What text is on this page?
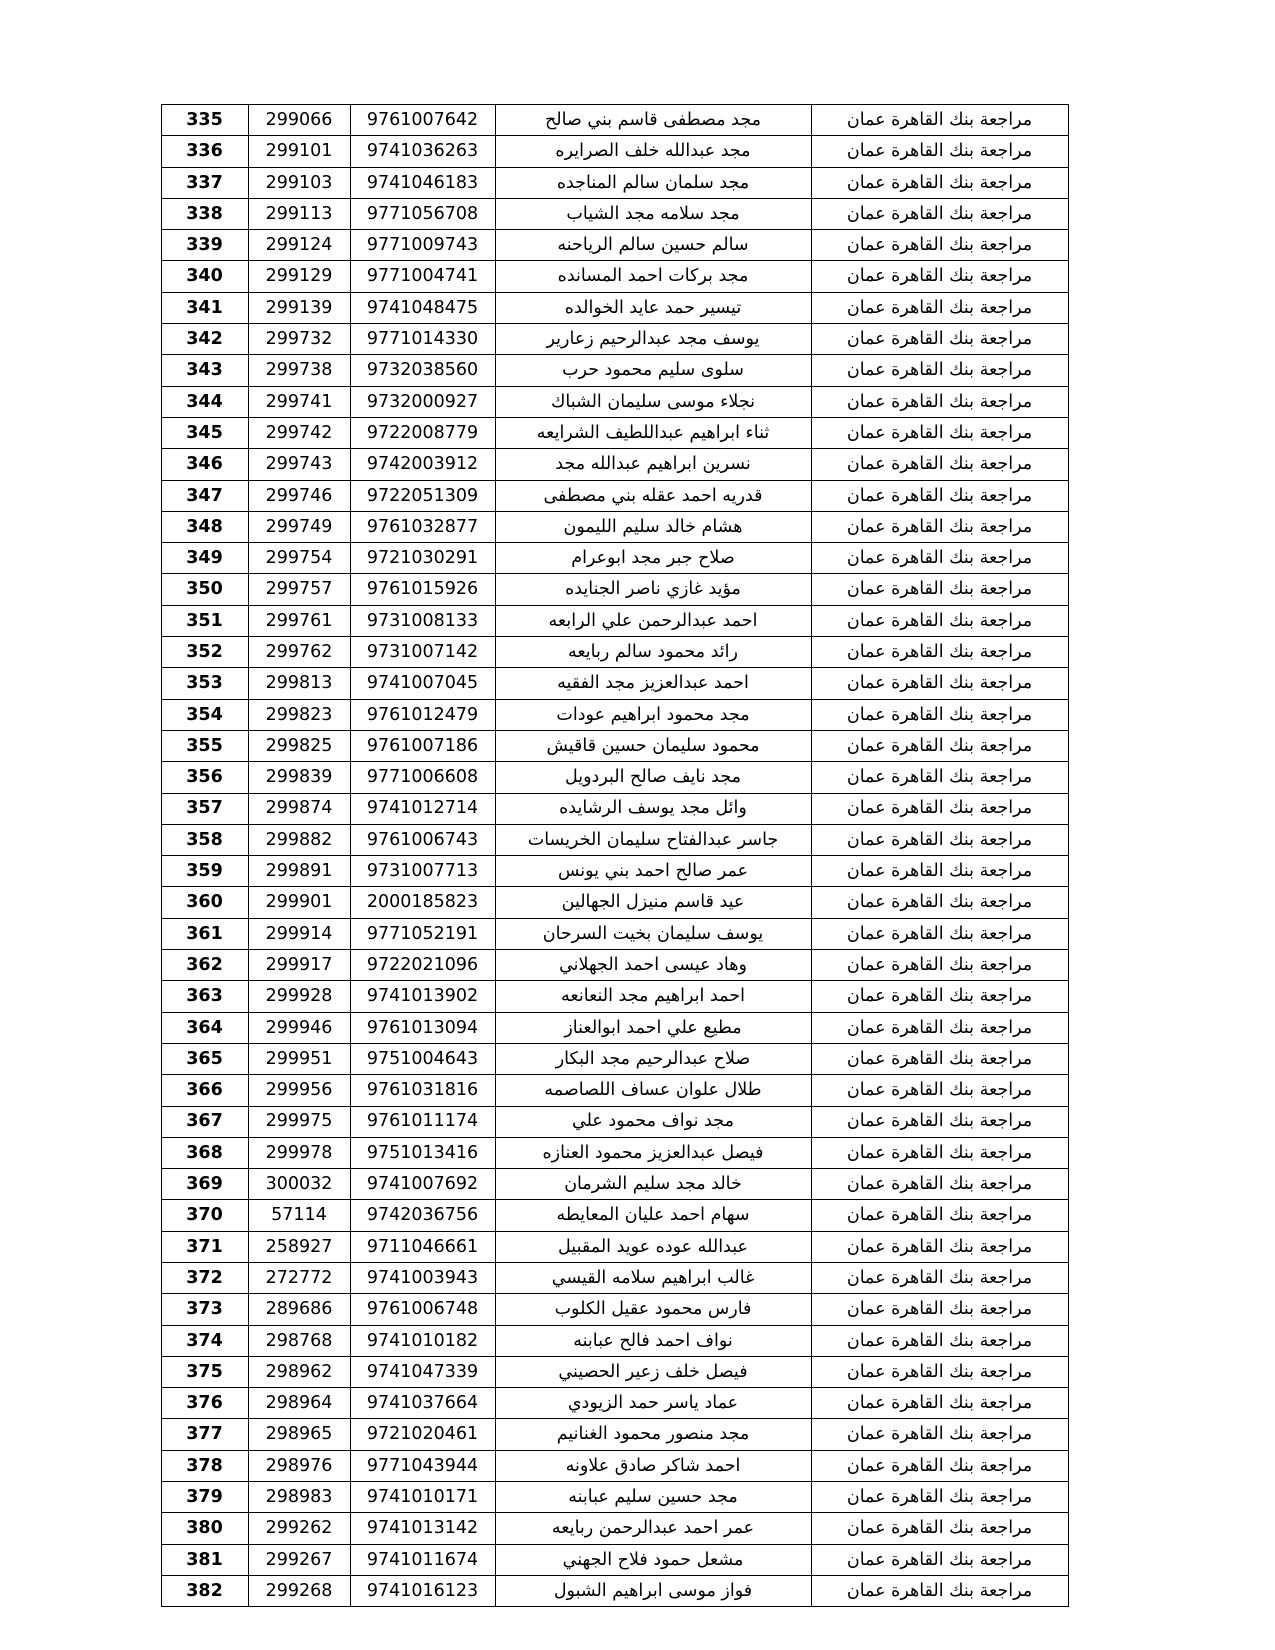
مراجعة بنك القاهرة عمان	مجد مصطفى قاسم بني صالح	9761007642	299066	335
مراجعة بنك القاهرة عمان	مجد عبدالله خلف الصرايره	9741036263	299101	336
مراجعة بنك القاهرة عمان	مجد سلمان سالم المناجده	9741046183	299103	337
مراجعة بنك القاهرة عمان	مجد سلامه مجد الشياب	9771056708	299113	338
مراجعة بنك القاهرة عمان	سالم حسين سالم الرياحنه	9771009743	299124	339
مراجعة بنك القاهرة عمان	مجد بركات احمد المسانده	9771004741	299129	340
مراجعة بنك القاهرة عمان	تيسير حمد عايد الخوالده	9741048475	299139	341
مراجعة بنك القاهرة عمان	يوسف مجد عبدالرحيم زعارير	9771014330	299732	342
مراجعة بنك القاهرة عمان	سلوى سليم محمود حرب	9732038560	299738	343
مراجعة بنك القاهرة عمان	نجلاء موسى سليمان الشباك	9732000927	299741	344
مراجعة بنك القاهرة عمان	ثناء ابراهيم عبداللطيف الشرايعه	9722008779	299742	345
مراجعة بنك القاهرة عمان	نسرين ابراهيم عبدالله مجد	9742003912	299743	346
مراجعة بنك القاهرة عمان	قدريه احمد عقله بني مصطفى	9722051309	299746	347
مراجعة بنك القاهرة عمان	هشام خالد سليم الليمون	9761032877	299749	348
مراجعة بنك القاهرة عمان	صلاح جبر مجد ابوعرام	9721030291	299754	349
مراجعة بنك القاهرة عمان	مؤيد غازي ناصر الجنايده	9761015926	299757	350
مراجعة بنك القاهرة عمان	احمد عبدالرحمن علي الرابعه	9731008133	299761	351
مراجعة بنك القاهرة عمان	رائد محمود سالم ربايعه	9731007142	299762	352
مراجعة بنك القاهرة عمان	احمد عبدالعزيز مجد الفقيه	9741007045	299813	353
مراجعة بنك القاهرة عمان	مجد محمود ابراهيم عودات	9761012479	299823	354
مراجعة بنك القاهرة عمان	محمود سليمان حسين قاقيش	9761007186	299825	355
مراجعة بنك القاهرة عمان	مجد نايف صالح البردويل	9771006608	299839	356
مراجعة بنك القاهرة عمان	وائل مجد يوسف الرشايده	9741012714	299874	357
مراجعة بنك القاهرة عمان	جاسر عبدالفتاح سليمان الخريسات	9761006743	299882	358
مراجعة بنك القاهرة عمان	عمر صالح احمد بني يونس	9731007713	299891	359
مراجعة بنك القاهرة عمان	عيد قاسم منيزل الجهالين	2000185823	299901	360
مراجعة بنك القاهرة عمان	يوسف سليمان بخيت السرحان	9771052191	299914	361
مراجعة بنك القاهرة عمان	وهاد عيسى احمد الجهلاني	9722021096	299917	362
مراجعة بنك القاهرة عمان	احمد ابراهيم مجد النعانعه	9741013902	299928	363
مراجعة بنك القاهرة عمان	مطيع علي احمد ابوالعناز	9761013094	299946	364
مراجعة بنك القاهرة عمان	صلاح عبدالرحيم مجد البكار	9751004643	299951	365
مراجعة بنك القاهرة عمان	طلال علوان عساف اللصاصمه	9761031816	299956	366
مراجعة بنك القاهرة عمان	مجد نواف محمود علي	9761011174	299975	367
مراجعة بنك القاهرة عمان	فيصل عبدالعزيز محمود العنازه	9751013416	299978	368
مراجعة بنك القاهرة عمان	خالد مجد سليم الشرمان	9741007692	300032	369
مراجعة بنك القاهرة عمان	سهام احمد عليان المعايطه	9742036756	57114	370
مراجعة بنك القاهرة عمان	عبدالله عوده عويد المقبيل	9711046661	258927	371
مراجعة بنك القاهرة عمان	غالب ابراهيم سلامه القيسي	9741003943	272772	372
مراجعة بنك القاهرة عمان	فارس محمود عقيل الكلوب	9761006748	289686	373
مراجعة بنك القاهرة عمان	نواف احمد فالح عبابنه	9741010182	298768	374
مراجعة بنك القاهرة عمان	فيصل خلف زعير الحصيني	9741047339	298962	375
مراجعة بنك القاهرة عمان	عماد ياسر حمد الزيودي	9741037664	298964	376
مراجعة بنك القاهرة عمان	مجد منصور محمود الغنانيم	9721020461	298965	377
مراجعة بنك القاهرة عمان	احمد شاكر صادق علاونه	9771043944	298976	378
مراجعة بنك القاهرة عمان	مجد حسين سليم عبابنه	9741010171	298983	379
مراجعة بنك القاهرة عمان	عمر احمد عبدالرحمن ربايعه	9741013142	299262	380
مراجعة بنك القاهرة عمان	مشعل حمود فلاح الجهني	9741011674	299267	381
مراجعة بنك القاهرة عمان	فواز موسى ابراهيم الشبول	9741016123	299268	382
